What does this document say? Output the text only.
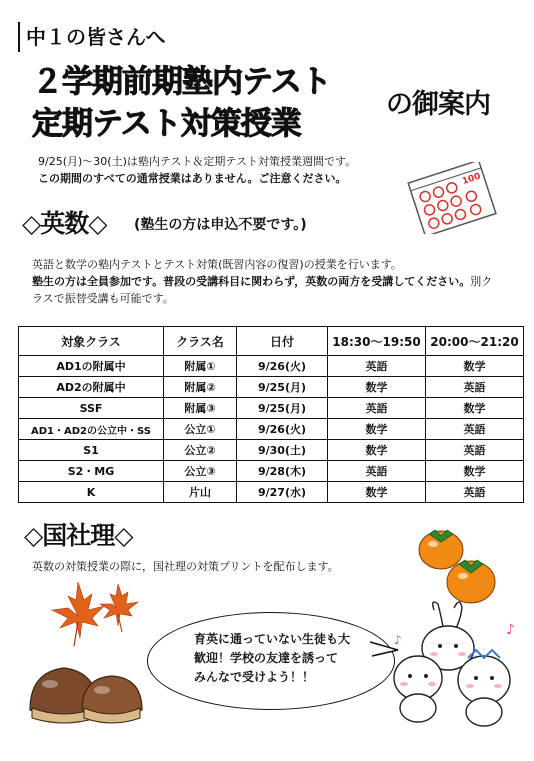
中１の皆さんへ
２学期前期塾内テスト
定期テスト対策授業
の御案内
100
9/25(月)〜30(土)は塾内テスト＆定期テスト対策授業週間です。
この期間のすべての通常授業はありません。ご注意ください。
◇英数◇ (塾生の方は申込不要です。)
英語と数学の塾内テストとテスト対策(既習内容の復習)の授業を行います。
塾生の方は全員参加です。普段の受講科目に関わらず，英数の両方を受講してください。別クラスで振替受講も可能です。
対象クラス	クラス名	日付	18:30〜19:50	20:00〜21:20
AD1の附属中	附属①	9/26(火)	英語	数学
AD2の附属中	附属②	9/25(月)	数学	英語
SSF	附属③	9/25(月)	英語	数学
AD1・AD2の公立中・SS	公立①	9/26(火)	数学	英語
S1	公立②	9/30(土)	数学	英語
S2・MG	公立③	9/28(木)	英語	数学
K	片山	9/27(水)	数学	英語
◇国社理◇
英数の対策授業の際に，国社理の対策プリントを配布します。
育英に通っていない生徒も大
歓迎！学校の友達を誘って
みんなで受けよう！！
♪
♪
